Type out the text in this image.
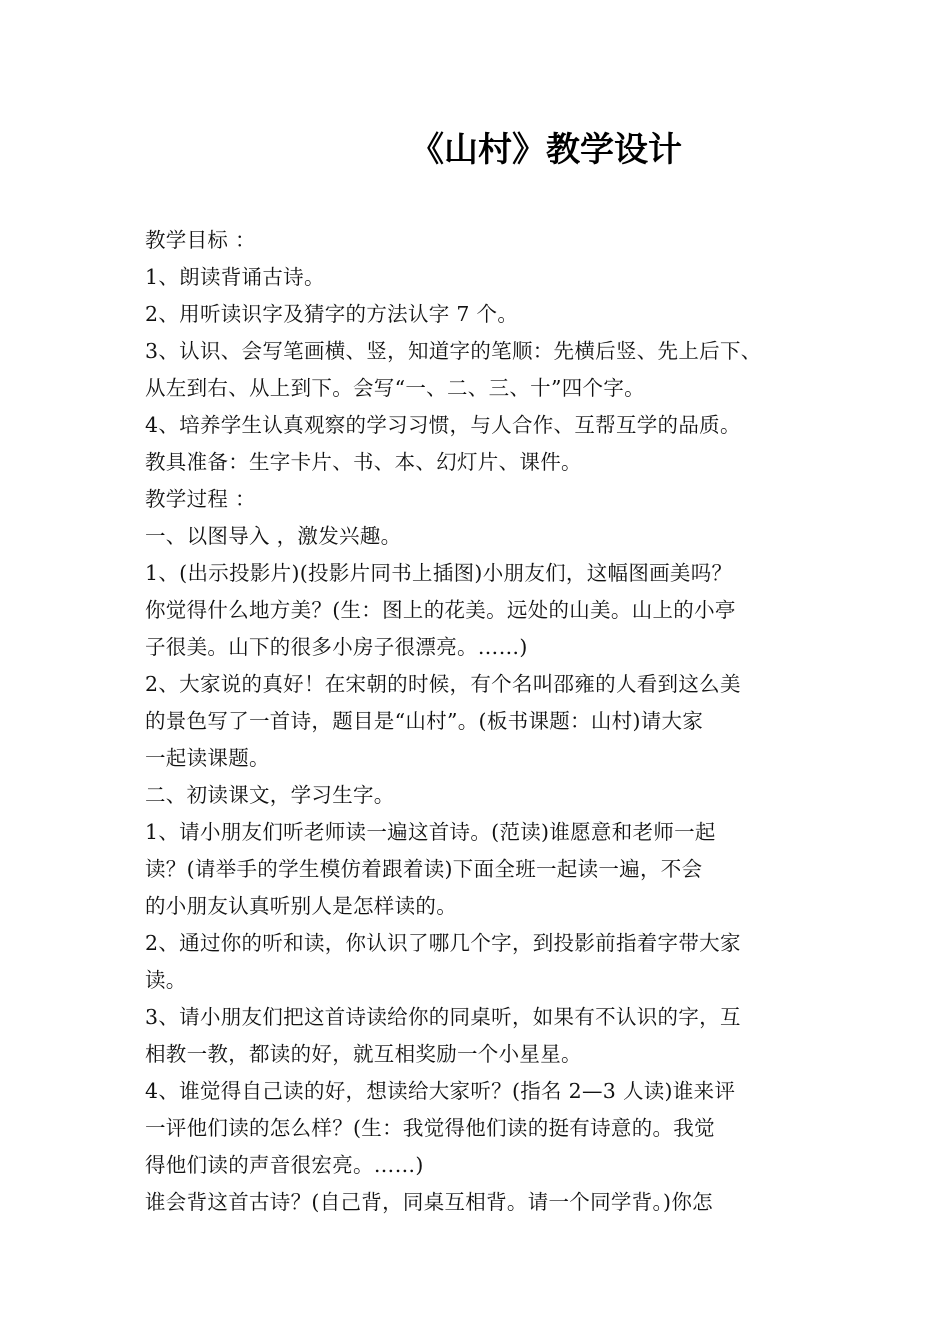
《山村》教学设计
教学目标 ：
1、朗读背诵古诗。
2、用听读识字及猜字的方法认字 7 个。
3、认识、会写笔画横、竖，知道字的笔顺：先横后竖、先上后下、
从左到右、从上到下。会写“一、二、三、十”四个字。
4、培养学生认真观察的学习习惯，与人合作、互帮互学的品质。
教具准备：生字卡片、书、本、幻灯片、课件。
教学过程 ：
一、以图导入 ，激发兴趣。
1、(出示投影片)(投影片同书上插图)小朋友们，这幅图画美吗？
你觉得什么地方美？(生：图上的花美。远处的山美。山上的小亭
子很美。山下的很多小房子很漂亮。……)
2、大家说的真好！在宋朝的时候，有个名叫邵雍的人看到这么美
的景色写了一首诗，题目是“山村”。(板书课题：山村)请大家
一起读课题。
二、初读课文，学习生字。
1、请小朋友们听老师读一遍这首诗。(范读)谁愿意和老师一起
读？(请举手的学生模仿着跟着读)下面全班一起读一遍，不会
的小朋友认真听别人是怎样读的。
2、通过你的听和读，你认识了哪几个字，到投影前指着字带大家
读。
3、请小朋友们把这首诗读给你的同桌听，如果有不认识的字，互
相教一教，都读的好，就互相奖励一个小星星。
4、谁觉得自己读的好，想读给大家听？(指名 2—3 人读)谁来评
一评他们读的怎么样？(生：我觉得他们读的挺有诗意的。我觉
得他们读的声音很宏亮。……)
谁会背这首古诗？(自己背，同桌互相背。请一个同学背。)你怎
